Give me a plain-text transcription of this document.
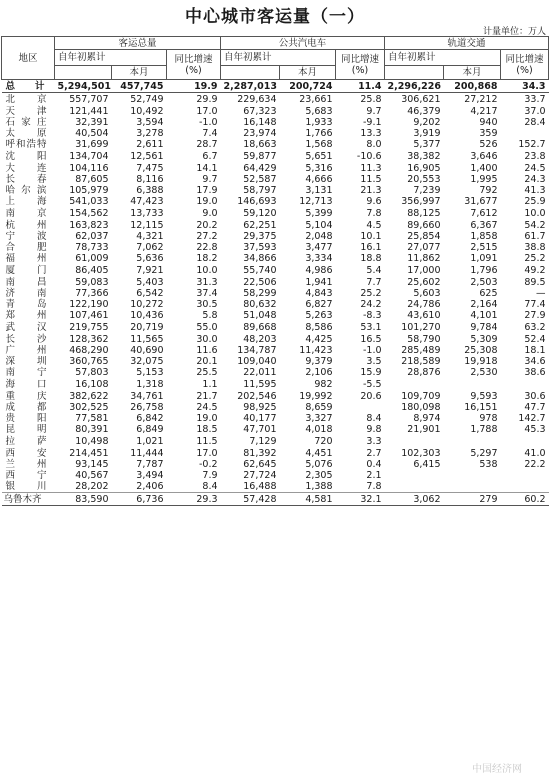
中心城市客运量（一）
计量单位：万人
地区	客运总量			公共汽电车			轨道交通		
	自年初累计		同比增速 (%)	自年初累计		同比增速 (%)	自年初累计		同比增速 (%)
		本月			本月			本月	
总计	5,294,501	457,745	19.9	2,287,013	200,724	11.4	2,296,226	200,868	34.3
北京	557,707	52,749	29.9	229,634	23,661	25.8	306,621	27,212	33.7
天津	121,441	10,492	17.0	67,323	5,683	9.7	46,379	4,217	37.0
石家庄	32,391	3,594	-1.0	16,148	1,933	-9.1	9,202	940	28.4
太原	40,504	3,278	7.4	23,974	1,766	13.3	3,919	359	
呼和浩特	31,699	2,611	28.7	18,663	1,568	8.0	5,377	526	152.7
沈阳	134,704	12,561	6.7	59,877	5,651	-10.6	38,382	3,646	23.8
大连	104,116	7,475	14.1	64,429	5,316	11.3	16,905	1,400	24.5
长春	87,605	8,116	9.7	52,587	4,666	11.5	20,553	1,995	24.3
哈尔滨	105,979	6,388	17.9	58,797	3,131	21.3	7,239	792	41.3
上海	541,033	47,423	19.0	146,693	12,713	9.6	356,997	31,677	25.9
南京	154,562	13,733	9.0	59,120	5,399	7.8	88,125	7,612	10.0
杭州	163,823	12,115	20.2	62,251	5,104	4.5	89,660	6,367	54.2
宁波	62,037	4,321	27.2	29,375	2,048	10.1	25,854	1,858	61.7
合肥	78,733	7,062	22.8	37,593	3,477	16.1	27,077	2,515	38.8
福州	61,009	5,636	18.2	34,866	3,334	18.8	11,862	1,091	25.2
厦门	86,405	7,921	10.0	55,740	4,986	5.4	17,000	1,796	49.2
南昌	59,083	5,403	31.3	22,506	1,941	7.7	25,602	2,503	89.5
济南	77,366	6,542	37.4	58,299	4,843	25.2	5,603	625	—
青岛	122,190	10,272	30.5	80,632	6,827	24.2	24,786	2,164	77.4
郑州	107,461	10,436	5.8	51,048	5,263	-8.3	43,610	4,101	27.9
武汉	219,755	20,719	55.0	89,668	8,586	53.1	101,270	9,784	63.2
长沙	128,362	11,565	30.0	48,203	4,425	16.5	58,790	5,309	52.4
广州	468,290	40,690	11.6	134,787	11,423	-1.0	285,489	25,308	18.1
深圳	360,765	32,075	20.1	109,040	9,379	3.5	218,589	19,918	34.6
南宁	57,803	5,153	25.5	22,011	2,106	15.9	28,876	2,530	38.6
海口	16,108	1,318	1.1	11,595	982	-5.5			
重庆	382,622	34,761	21.7	202,546	19,992	20.6	109,709	9,593	30.6
成都	302,525	26,758	24.5	98,925	8,659		180,098	16,151	47.7
贵阳	77,581	6,842	19.0	40,177	3,327	8.4	8,974	978	142.7
昆明	80,391	6,849	18.5	47,701	4,018	9.8	21,901	1,788	45.3
拉萨	10,498	1,021	11.5	7,129	720	3.3			
西安	214,451	11,444	17.0	81,392	4,451	2.7	102,303	5,297	41.0
兰州	93,145	7,787	-0.2	62,645	5,076	0.4	6,415	538	22.2
西宁	40,567	3,494	7.9	27,724	2,305	2.1			
银川	28,202	2,406	8.4	16,488	1,388	7.8			
乌鲁木齐	83,590	6,736	29.3	57,428	4,581	32.1	3,062	279	60.2
中国经济网
